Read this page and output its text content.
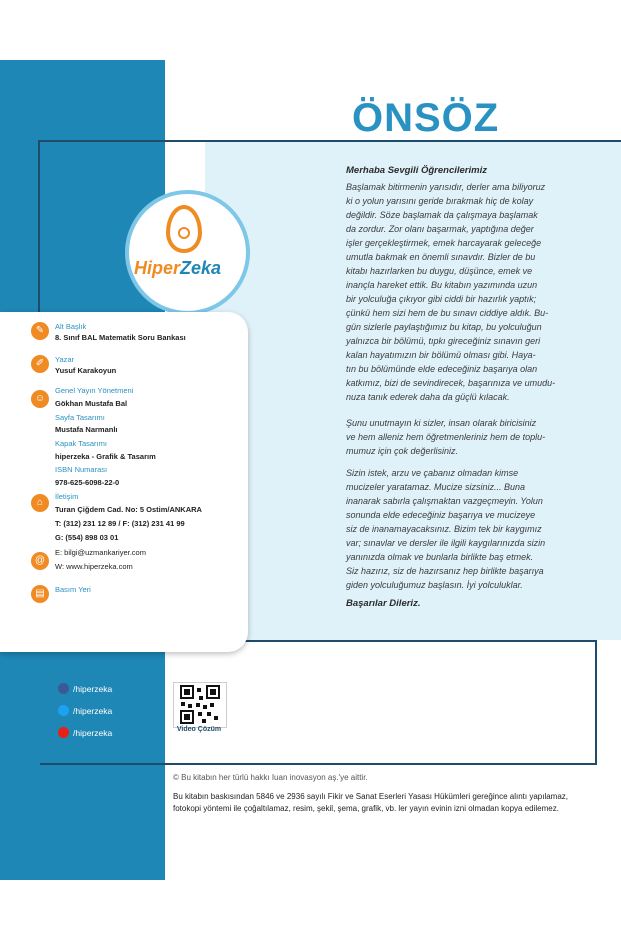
ÖNSÖZ
HiperZeka
✎	Alt Başlık
8. Sınıf BAL Matematik Soru Bankası
✐	Yazar
Yusuf Karakoyun
☺
Genel Yayın Yönetmeni
Gökhan Mustafa Bal
Sayfa Tasarımı
Mustafa Narmanlı
Kapak Tasarımı
hiperzeka - Grafik & Tasarım
ISBN Numarası
978-625-6098-22-0
⌂
İletişim
Turan Çiğdem Cad. No: 5 Ostim/ANKARA
T: (312) 231 12 89 / F: (312) 231 41 99
G: (554) 898 03 01
@
E: bilgi@uzmankariyer.com
W: www.hiperzeka.com
▤	Basım Yeri
Merhaba Sevgili Öğrencilerimiz
Başlamak bitirmenin yarısıdır, derler ama biliyoruz
ki o yolun yarısını geride bırakmak hiç de kolay
değildir. Söze başlamak da çalışmaya başlamak
da zordur. Zor olanı başarmak, yaptığına değer
işler gerçekleştirmek, emek harcayarak geleceğe
umutla bakmak en önemli sınavdır. Bizler de bu
kitabı hazırlarken bu duygu, düşünce, emek ve
inançla hareket ettik. Bu kitabın yazımında uzun
bir yolculuğa çıkıyor gibi ciddi bir hazırlık yaptık;
çünkü hem sizi hem de bu sınavı ciddiye aldık. Bu-
gün sizlerle paylaştığımız bu kitap, bu yolculuğun
yalnızca bir bölümü, tıpkı gireceğiniz sınavın geri
kalan hayatımızın bir bölümü olması gibi. Haya-
tın bu bölümünde elde edeceğiniz başarıya olan
katkımız, bizi de sevindirecek, başarınıza ve umudu-
nuza tanık ederek daha da güçlü kılacak.
Şunu unutmayın ki sizler, insan olarak biricisiniz
ve hem alleniz hem öğretmenleriniz hem de toplu-
mumuz için çok değerlisiniz.
Sizin istek, arzu ve çabanız olmadan kimse
mucizeler yaratamaz. Mucize sizsiniz... Buna
inanarak sabırla çalışmaktan vazgeçmeyin. Yolun
sonunda elde edeceğiniz başarıya ve mucizeye
siz de inanamayacaksınız. Bizim tek bir kaygımız
var; sınavlar ve dersler ile ilgili kaygılarınızda sizin
yanınızda olmak ve bunlarla birlikte baş etmek.
Siz hazırız, siz de hazırsanız hep birlikte başarıya
giden yolculuğumuz başlasın. İyi yolculuklar.
Başarılar Dileriz.
/hiperzeka
/hiperzeka
/hiperzeka	Video Çözüm
© Bu kitabın her türlü hakkı Iuan inovasyon aş.'ye aittir.
Bu kitabın baskısından 5846 ve 2936 sayılı Fikir ve Sanat Eserleri Yasası Hükümleri gereğince alıntı yapılamaz, fotokopi yöntemi ile çoğaltılamaz, resim, şekil, şema, grafik, vb. ler yayın evinin izni olmadan kopya edilemez.
